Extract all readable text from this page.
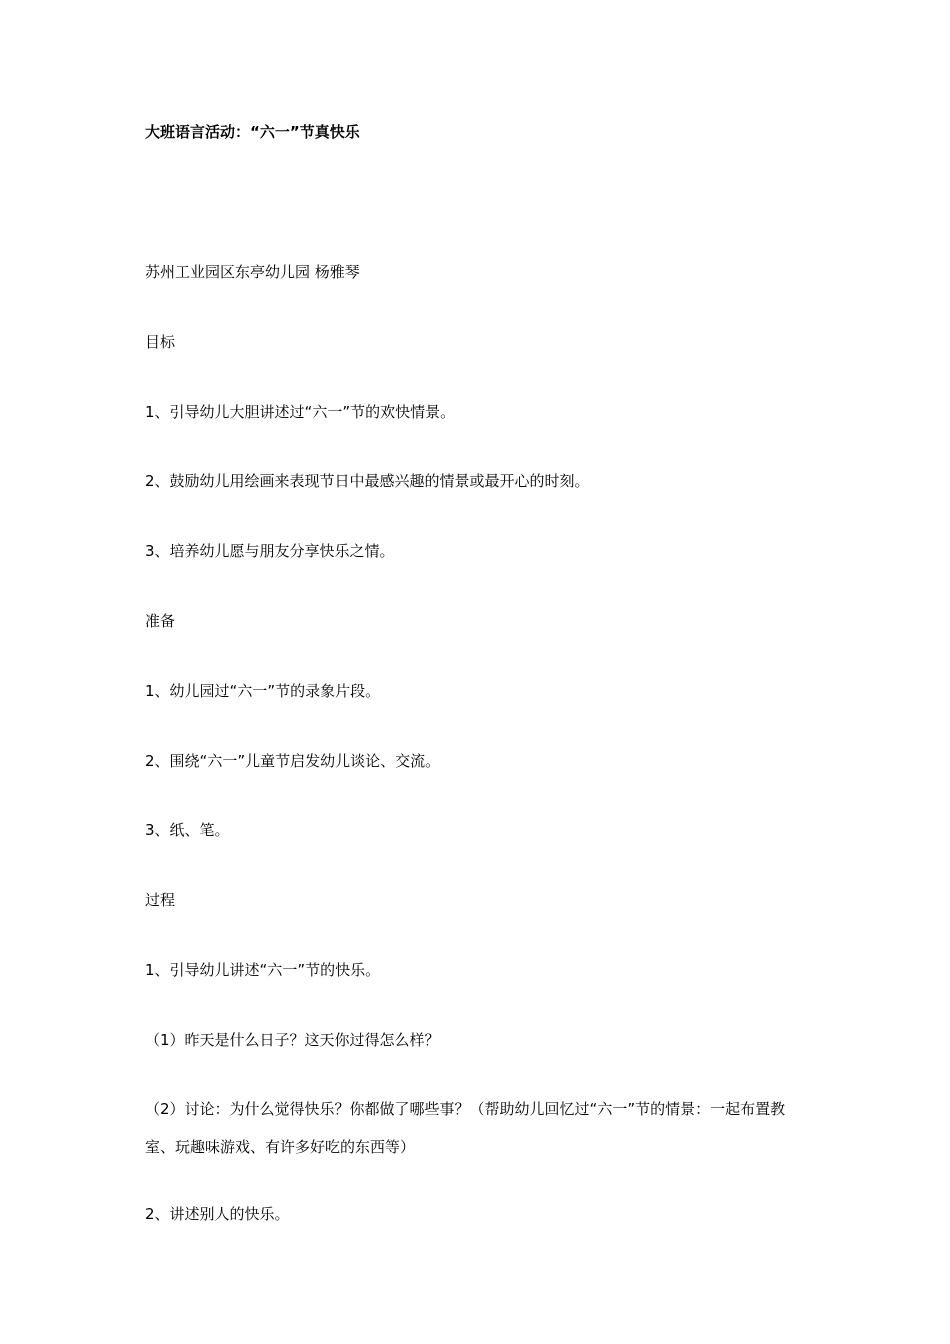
大班语言活动：“六一”节真快乐

苏州工业园区东亭幼儿园 杨雅琴

目标

1、引导幼儿大胆讲述过“六一”节的欢快情景。

2、鼓励幼儿用绘画来表现节日中最感兴趣的情景或最开心的时刻。

3、培养幼儿愿与朋友分享快乐之情。

准备

1、幼儿园过“六一”节的录象片段。

2、围绕“六一”儿童节启发幼儿谈论、交流。

3、纸、笔。

过程

1、引导幼儿讲述“六一”节的快乐。

（1）昨天是什么日子？这天你过得怎么样？

（2）讨论：为什么觉得快乐？你都做了哪些事？（帮助幼儿回忆过“六一”节的情景：一起布置教室、玩趣味游戏、有许多好吃的东西等）

2、讲述别人的快乐。
